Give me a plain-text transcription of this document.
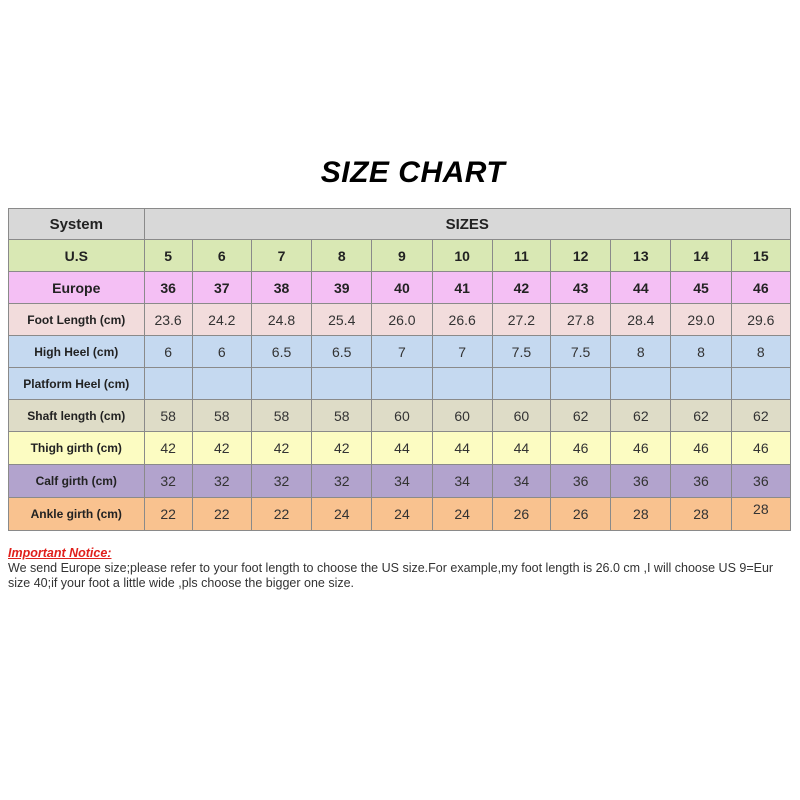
SIZE CHART
System	SIZES										
U.S	5	6	7	8	9	10	11	12	13	14	15
Europe	36	37	38	39	40	41	42	43	44	45	46
Foot Length (cm)	23.6	24.2	24.8	25.4	26.0	26.6	27.2	27.8	28.4	29.0	29.6
High Heel (cm)	6	6	6.5	6.5	7	7	7.5	7.5	8	8	8
Platform Heel (cm)											
Shaft length (cm)	58	58	58	58	60	60	60	62	62	62	62
Thigh girth (cm)	42	42	42	42	44	44	44	46	46	46	46
Calf girth (cm)	32	32	32	32	34	34	34	36	36	36	36
Ankle girth (cm)	22	22	22	24	24	24	26	26	28	28	28
Important Notice:
We send Europe size;please refer to your foot length to choose the US size.For example,my foot length is 26.0 cm ,I will choose US 9=Eur size 40;if your foot a little wide ,pls choose the bigger one size.
